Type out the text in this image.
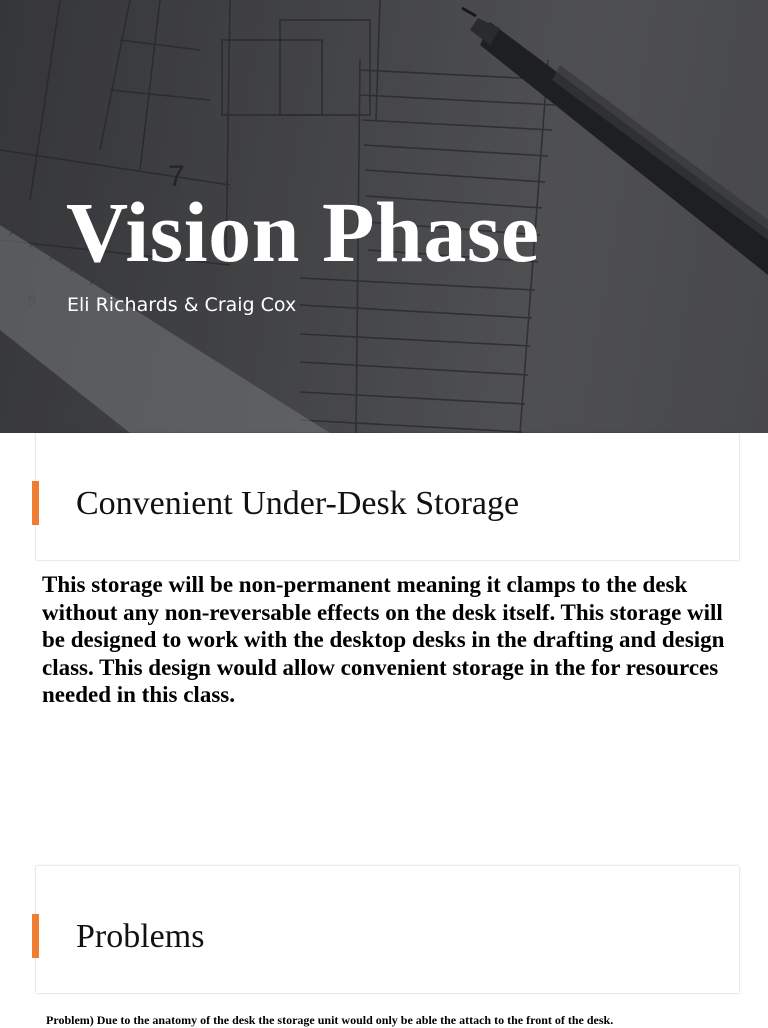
7
Vision Phase
Eli Richards & Craig Cox
Convenient Under-Desk Storage

This storage will be non-permanent meaning it clamps to the desk without any non-reversable effects on the desk itself. This storage will be designed to work with the desktop desks in the drafting and design class. This design would allow convenient storage in the for resources needed in this class.

Problems

Problem) Due to the anatomy of the desk the storage unit would only be able the attach to the front of the desk.
